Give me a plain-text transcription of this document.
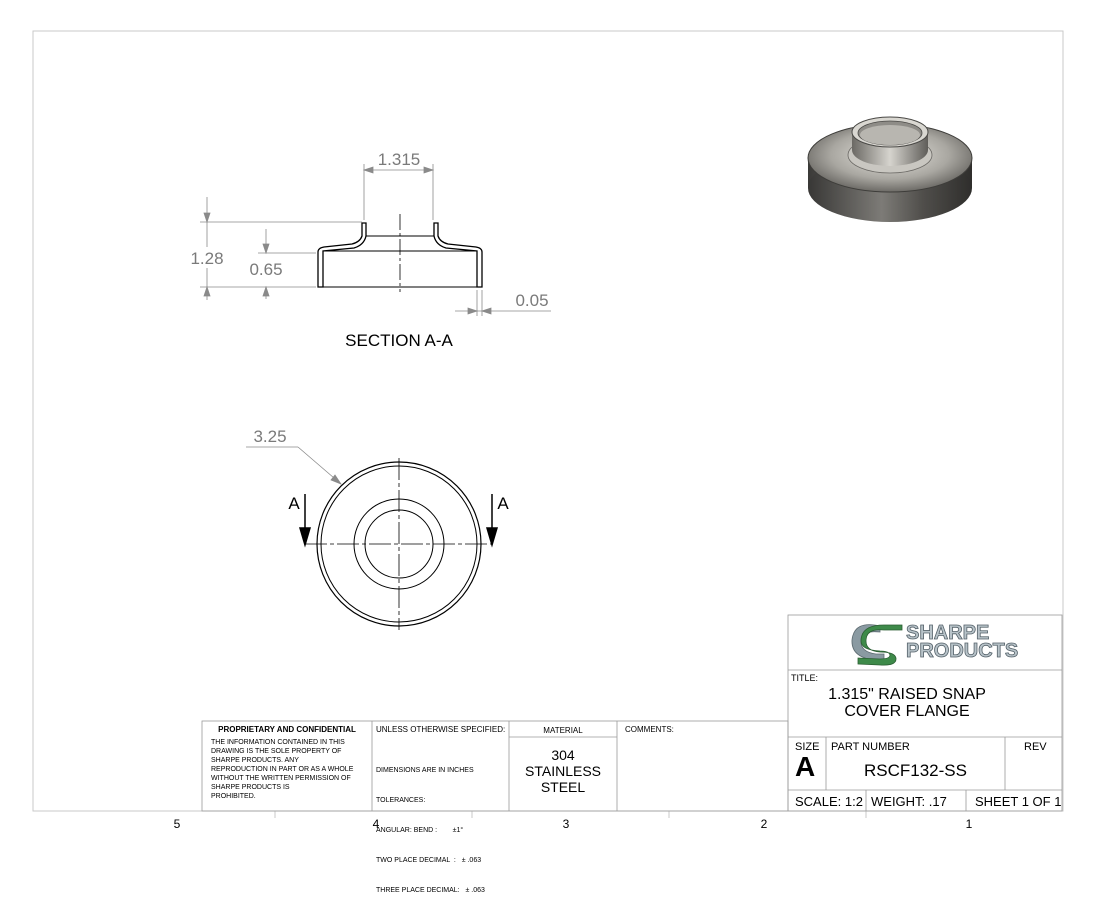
5	4	3	2	1
1.315
1.28
0.65
0.05
SECTION A-A
3.25
A	A
SHARPE
PRODUCTS
TITLE:
1.315" RAISED SNAP
COVER FLANGE
SIZE
A
PART NUMBER
RSCF132-SS
REV
SCALE: 1:2 WEIGHT: .17 SHEET 1 OF 1
PROPRIETARY AND CONFIDENTIAL
THE INFORMATION CONTAINED IN THIS
DRAWING IS THE SOLE PROPERTY OF
SHARPE PRODUCTS. ANY
REPRODUCTION IN PART OR AS A WHOLE
WITHOUT THE WRITTEN PERMISSION OF
SHARPE PRODUCTS IS
PROHIBITED.
UNLESS OTHERWISE SPECIFIED:

DIMENSIONS ARE IN INCHES

TOLERANCES:

ANGULAR: BEND :        ±1°

TWO PLACE DECIMAL  :   ± .063

THREE PLACE DECIMAL:   ± .063

MATERIAL
304
STAINLESS
STEEL
COMMENTS:
